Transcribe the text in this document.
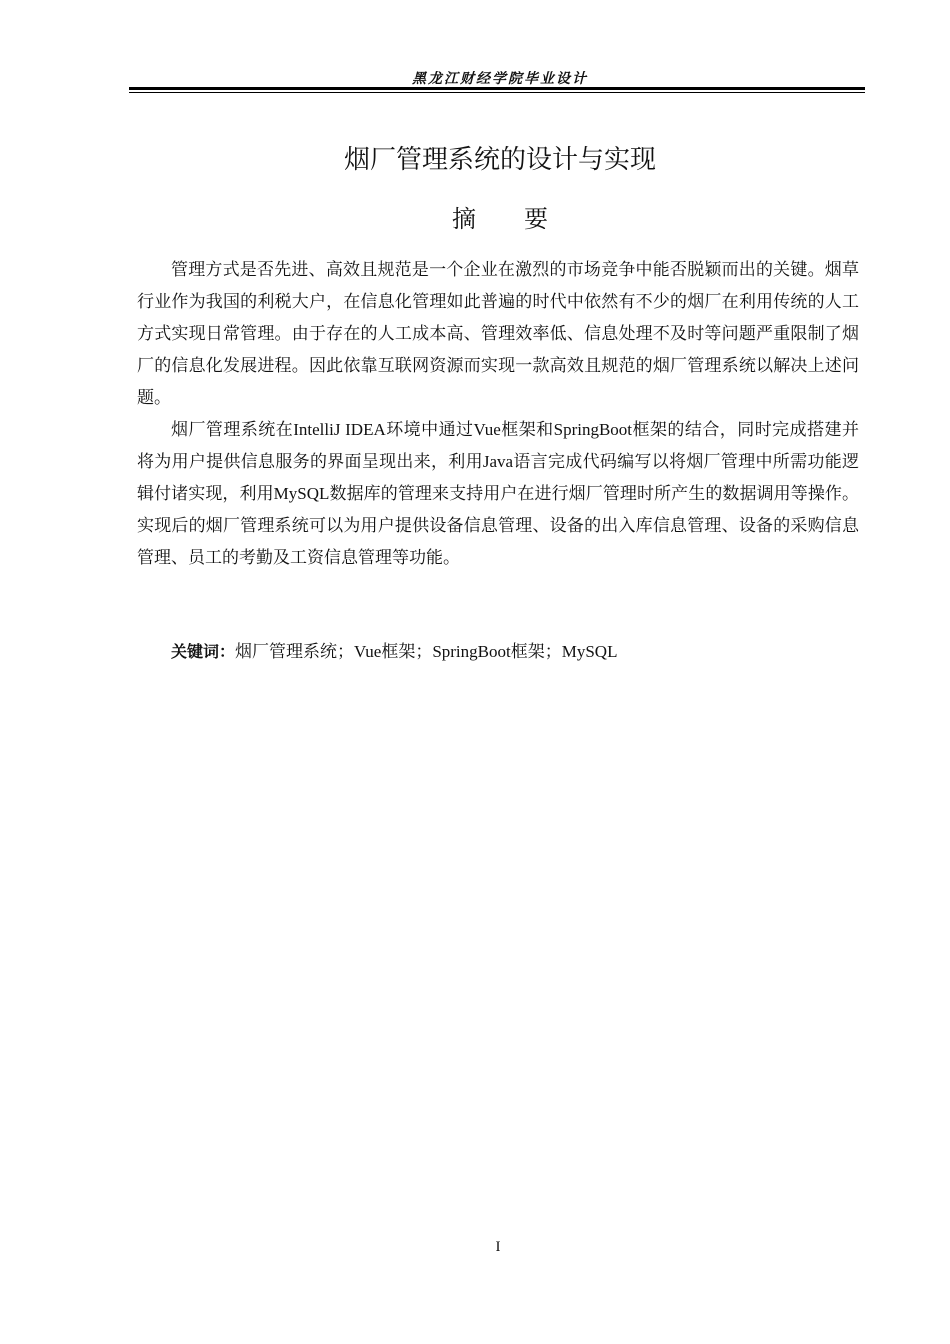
黑龙江财经学院毕业设计
烟厂管理系统的设计与实现
摘要

管理方式是否先进、高效且规范是一个企业在激烈的市场竞争中能否脱颖而出的关键。烟草行业作为我国的利税大户，在信息化管理如此普遍的时代中依然有不少的烟厂在利用传统的人工方式实现日常管理。由于存在的人工成本高、管理效率低、信息处理不及时等问题严重限制了烟厂的信息化发展进程。因此依靠互联网资源而实现一款高效且规范的烟厂管理系统以解决上述问题。

烟厂管理系统在IntelliJ IDEA环境中通过Vue框架和SpringBoot框架的结合，同时完成搭建并将为用户提供信息服务的界面呈现出来，利用Java语言完成代码编写以将烟厂管理中所需功能逻辑付诸实现，利用MySQL数据库的管理来支持用户在进行烟厂管理时所产生的数据调用等操作。实现后的烟厂管理系统可以为用户提供设备信息管理、设备的出入库信息管理、设备的采购信息管理、员工的考勤及工资信息管理等功能。

关键词：烟厂管理系统；Vue框架；SpringBoot框架；MySQL
I
